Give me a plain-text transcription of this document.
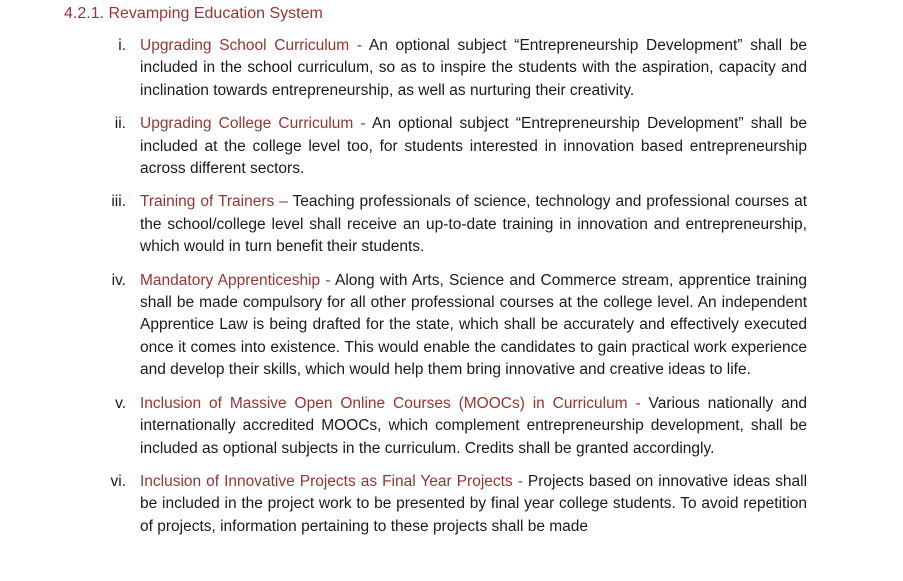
4.2.1. Revamping Education System
i. Upgrading School Curriculum - An optional subject “Entrepreneurship Development” shall be included in the school curriculum, so as to inspire the students with the aspiration, capacity and inclination towards entrepreneurship, as well as nurturing their creativity.
ii. Upgrading College Curriculum - An optional subject “Entrepreneurship Development” shall be included at the college level too, for students interested in innovation based entrepreneurship across different sectors.
iii. Training of Trainers – Teaching professionals of science, technology and professional courses at the school/college level shall receive an up-to-date training in innovation and entrepreneurship, which would in turn benefit their students.
iv. Mandatory Apprenticeship - Along with Arts, Science and Commerce stream, apprentice training shall be made compulsory for all other professional courses at the college level. An independent Apprentice Law is being drafted for the state, which shall be accurately and effectively executed once it comes into existence. This would enable the candidates to gain practical work experience and develop their skills, which would help them bring innovative and creative ideas to life.
v. Inclusion of Massive Open Online Courses (MOOCs) in Curriculum - Various nationally and internationally accredited MOOCs, which complement entrepreneurship development, shall be included as optional subjects in the curriculum. Credits shall be granted accordingly.
vi. Inclusion of Innovative Projects as Final Year Projects - Projects based on innovative ideas shall be included in the project work to be presented by final year college students. To avoid repetition of projects, information pertaining to these projects shall be made
